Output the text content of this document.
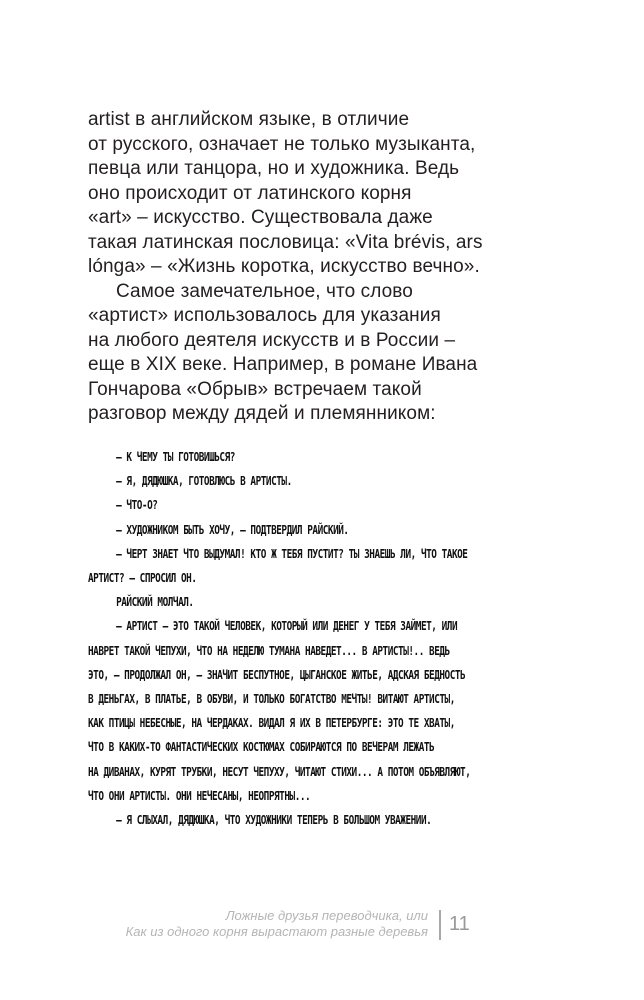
artist в английском языке, в отличие
от русского, означает не только музыканта,
певца или танцора, но и художника. Ведь
оно происходит от латинского корня
«art» – искусство. Существовала даже
такая латинская пословица: «Vita brévis, ars
lónga» – «Жизнь коротка, искусство вечно».
Самое замечательное, что слово
«артист» использовалось для указания
на любого деятеля искусств и в России –
еще в XIX веке. Например, в романе Ивана
Гончарова «Обрыв» встречаем такой
разговор между дядей и племянником:
– К ЧЕМУ ТЫ ГОТОВИШЬСЯ?
– Я, ДЯДЮШКА, ГОТОВЛЮСЬ В АРТИСТЫ.
– ЧТО-О?
– ХУДОЖНИКОМ БЫТЬ ХОЧУ, – ПОДТВЕРДИЛ РАЙСКИЙ.
– ЧЕРТ ЗНАЕТ ЧТО ВЫДУМАЛ! КТО Ж ТЕБЯ ПУСТИТ? ТЫ ЗНАЕШЬ ЛИ, ЧТО ТАКОЕ
АРТИСТ? – СПРОСИЛ ОН.
РАЙСКИЙ МОЛЧАЛ.
– АРТИСТ – ЭТО ТАКОЙ ЧЕЛОВЕК, КОТОРЫЙ ИЛИ ДЕНЕГ У ТЕБЯ ЗАЙМЕТ, ИЛИ
НАВРЕТ ТАКОЙ ЧЕПУХИ, ЧТО НА НЕДЕЛЮ ТУМАНА НАВЕДЕТ... В АРТИСТЫ!.. ВЕДЬ
ЭТО, – ПРОДОЛЖАЛ ОН, – ЗНАЧИТ БЕСПУТНОЕ, ЦЫГАНСКОЕ ЖИТЬЕ, АДСКАЯ БЕДНОСТЬ
В ДЕНЬГАХ, В ПЛАТЬЕ, В ОБУВИ, И ТОЛЬКО БОГАТСТВО МЕЧТЫ! ВИТАЮТ АРТИСТЫ,
КАК ПТИЦЫ НЕБЕСНЫЕ, НА ЧЕРДАКАХ. ВИДАЛ Я ИХ В ПЕТЕРБУРГЕ: ЭТО ТЕ ХВАТЫ,
ЧТО В КАКИХ-ТО ФАНТАСТИЧЕСКИХ КОСТЮМАХ СОБИРАЮТСЯ ПО ВЕЧЕРАМ ЛЕЖАТЬ
НА ДИВАНАХ, КУРЯТ ТРУБКИ, НЕСУТ ЧЕПУХУ, ЧИТАЮТ СТИХИ... А ПОТОМ ОБЪЯВЛЯЮТ,
ЧТО ОНИ АРТИСТЫ. ОНИ НЕЧЕСАНЫ, НЕОПРЯТНЫ...
– Я СЛЫХАЛ, ДЯДЮШКА, ЧТО ХУДОЖНИКИ ТЕПЕРЬ В БОЛЬШОМ УВАЖЕНИИ.
Ложные друзья переводчика, или
Как из одного корня вырастают разные деревья 11
